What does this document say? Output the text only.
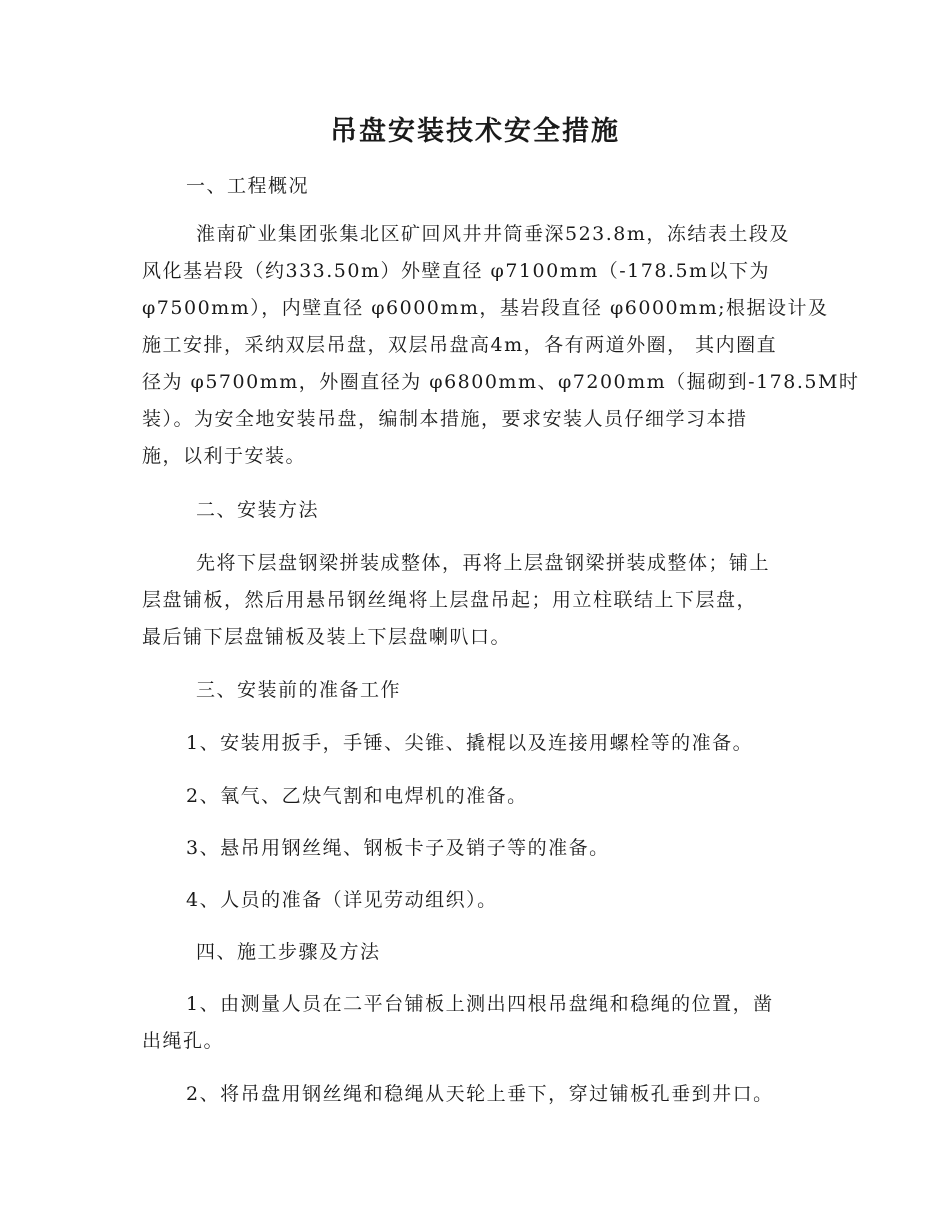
吊盘安装技术安全措施

一、工程概况

淮南矿业集团张集北区矿回风井井筒垂深523.8m，冻结表土段及
风化基岩段（约333.50m）外壁直径 φ7100mm（-178.5m以下为
φ7500mm），内壁直径 φ6000mm，基岩段直径 φ6000mm;根据设计及
施工安排，采纳双层吊盘，双层吊盘高4m，各有两道外圈， 其内圈直
径为 φ5700mm，外圈直径为 φ6800mm、φ7200mm（掘砌到-178.5M时
装）。为安全地安装吊盘，编制本措施，要求安装人员仔细学习本措
施，以利于安装。

二、安装方法

先将下层盘钢梁拼装成整体，再将上层盘钢梁拼装成整体；铺上
层盘铺板，然后用悬吊钢丝绳将上层盘吊起；用立柱联结上下层盘，
最后铺下层盘铺板及装上下层盘喇叭口。

三、安装前的准备工作

1、安装用扳手，手锤、尖锥、撬棍以及连接用螺栓等的准备。

2、氧气、乙炔气割和电焊机的准备。

3、悬吊用钢丝绳、钢板卡子及销子等的准备。

4、人员的准备（详见劳动组织）。

四、施工步骤及方法

1、由测量人员在二平台铺板上测出四根吊盘绳和稳绳的位置，凿
出绳孔。

2、将吊盘用钢丝绳和稳绳从天轮上垂下，穿过铺板孔垂到井口。
